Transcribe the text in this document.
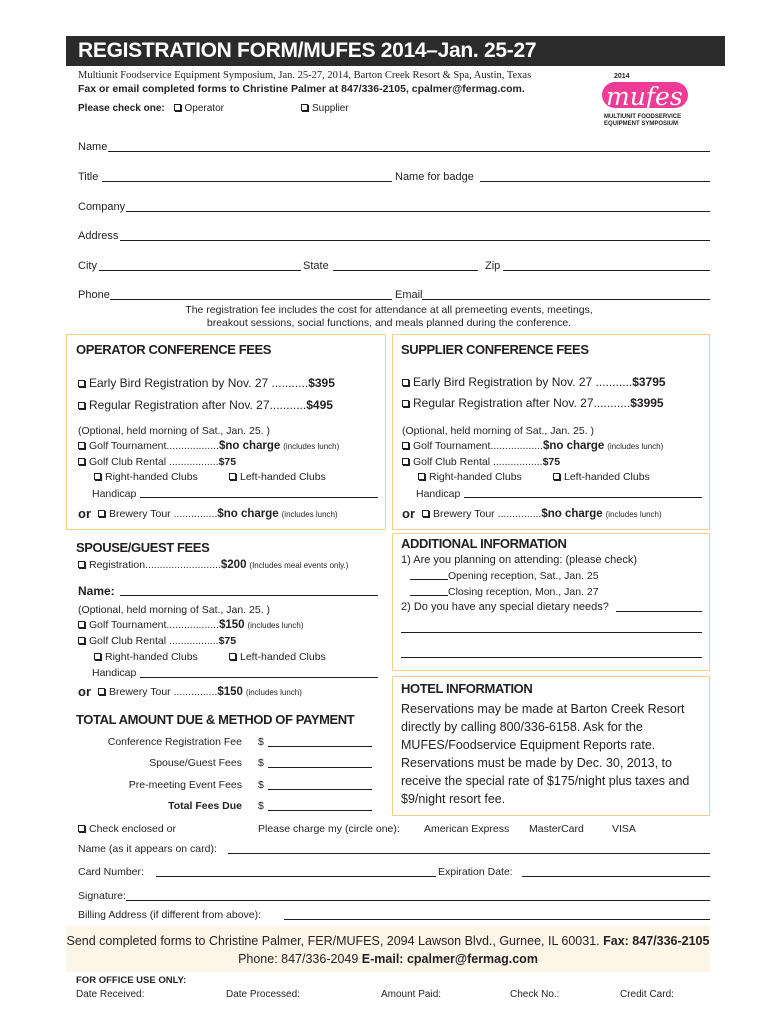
REGISTRATION FORM/MUFES 2014–Jan. 25-27
Multiunit Foodservice Equipment Symposium, Jan. 25-27, 2014, Barton Creek Resort & Spa, Austin, Texas
Fax or email completed forms to Christine Palmer at 847/336-2105, cpalmer@fermag.com.
Please check one: Operator	Supplier
2014
mufes
MULTIUNIT FOODSERVICE
EQUIPMENT SYMPOSIUM
Name
Title	Name for badge
Company
Address
City	State	Zip
Phone	Email
The registration fee includes the cost for attendance at all premeeting events, meetings,
breakout sessions, social functions, and meals planned during the conference.
OPERATOR CONFERENCE FEES
Early Bird Registration by Nov. 27 ...........$395
Regular Registration after Nov. 27...........$495
(Optional, held morning of Sat., Jan. 25. )
Golf Tournament..................$no charge (includes lunch)
Golf Club Rental .................$75
Right-handed Clubs	Left-handed Clubs
Handicap
or	Brewery Tour ...............$no charge (includes lunch)
SUPPLIER CONFERENCE FEES
Early Bird Registration by Nov. 27 ...........$3795
Regular Registration after Nov. 27...........$3995
(Optional, held morning of Sat., Jan. 25. )
Golf Tournament..................$no charge (includes lunch)
Golf Club Rental .................$75
Right-handed Clubs	Left-handed Clubs
Handicap
or	Brewery Tour ...............$no charge (includes lunch)
SPOUSE/GUEST FEES
Registration..........................$200 (Includes meal events only.)
Name:
(Optional, held morning of Sat., Jan. 25. )
Golf Tournament..................$150 (includes lunch)
Golf Club Rental .................$75
Right-handed Clubs	Left-handed Clubs
Handicap
or	Brewery Tour ...............$150 (includes lunch)
ADDITIONAL INFORMATION
1) Are you planning on attending: (please check)
Opening reception, Sat., Jan. 25
Closing reception, Mon., Jan. 27
2) Do you have any special dietary needs?
HOTEL INFORMATION
Reservations may be made at Barton Creek Resort
directly by calling 800/336-6158. Ask for the
MUFES/Foodservice Equipment Reports rate.
Reservations must be made by Dec. 30, 2013, to
receive the special rate of $175/night plus taxes and
$9/night resort fee.
TOTAL AMOUNT DUE & METHOD OF PAYMENT
Conference Registration Fee $
Spouse/Guest Fees $
Pre-meeting Event Fees $
Total Fees Due $
Check enclosed or	Please charge my (circle one): American Express MasterCard	VISA
Name (as it appears on card):
Card Number:	Expiration Date:
Signature:
Billing Address (if different from above):
Send completed forms to Christine Palmer, FER/MUFES, 2094 Lawson Blvd., Gurnee, IL 60031. Fax: 847/336-2105
Phone: 847/336-2049 E-mail: cpalmer@fermag.com
FOR OFFICE USE ONLY:
Date Received:	Date Processed:	Amount Paid:	Check No.:	Credit Card:
